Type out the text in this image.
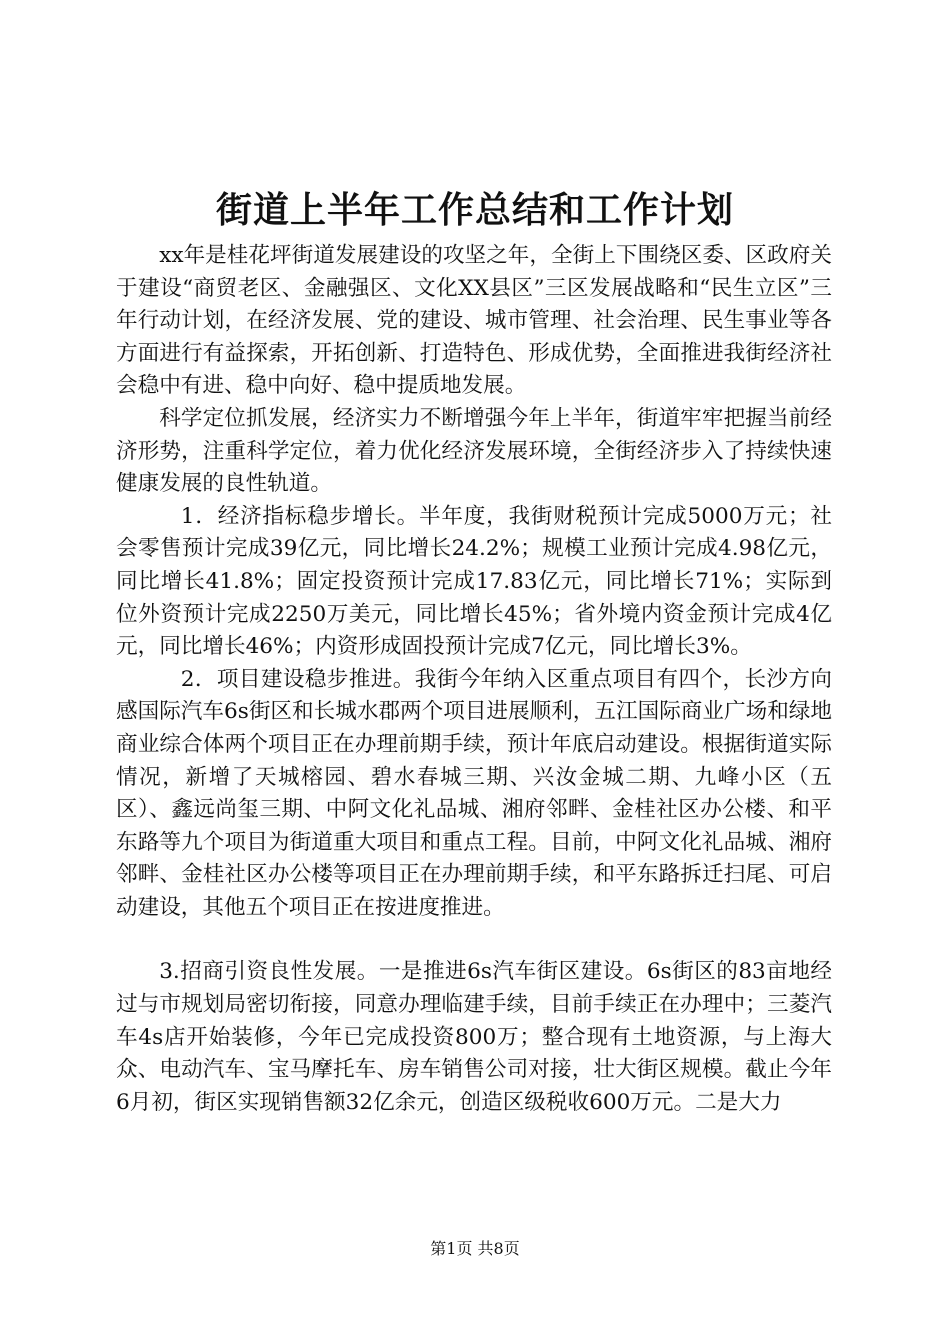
街道上半年工作总结和工作计划

xx年是桂花坪街道发展建设的攻坚之年，全街上下围绕区委、区政府关于建设“商贸老区、金融强区、文化XX县区”三区发展战略和“民生立区”三年行动计划，在经济发展、党的建设、城市管理、社会治理、民生事业等各方面进行有益探索，开拓创新、打造特色、形成优势，全面推进我街经济社会稳中有进、稳中向好、稳中提质地发展。

科学定位抓发展，经济实力不断增强今年上半年，街道牢牢把握当前经济形势，注重科学定位，着力优化经济发展环境，全街经济步入了持续快速健康发展的良性轨道。

1．经济指标稳步增长。半年度，我街财税预计完成5000万元；社会零售预计完成39亿元，同比增长24.2%；规模工业预计完成4.98亿元，同比增长41.8%；固定投资预计完成17.83亿元，同比增长71%；实际到位外资预计完成2250万美元，同比增长45%；省外境内资金预计完成4亿元，同比增长46%；内资形成固投预计完成7亿元，同比增长3%。

2．项目建设稳步推进。我街今年纳入区重点项目有四个，长沙方向感国际汽车6s街区和长城水郡两个项目进展顺利，五江国际商业广场和绿地商业综合体两个项目正在办理前期手续，预计年底启动建设。根据街道实际情况，新增了天城榕园、碧水春城三期、兴汝金城二期、九峰小区（五区）、鑫远尚玺三期、中阿文化礼品城、湘府邻畔、金桂社区办公楼、和平东路等九个项目为街道重大项目和重点工程。目前，中阿文化礼品城、湘府邻畔、金桂社区办公楼等项目正在办理前期手续，和平东路拆迁扫尾、可启动建设，其他五个项目正在按进度推进。

3.招商引资良性发展。一是推进6s汽车街区建设。6s街区的83亩地经过与市规划局密切衔接，同意办理临建手续，目前手续正在办理中；三菱汽车4s店开始装修，今年已完成投资800万；整合现有土地资源，与上海大众、电动汽车、宝马摩托车、房车销售公司对接，壮大街区规模。截止今年6月初，街区实现销售额32亿余元，创造区级税收600万元。二是大力

第1页 共8页
